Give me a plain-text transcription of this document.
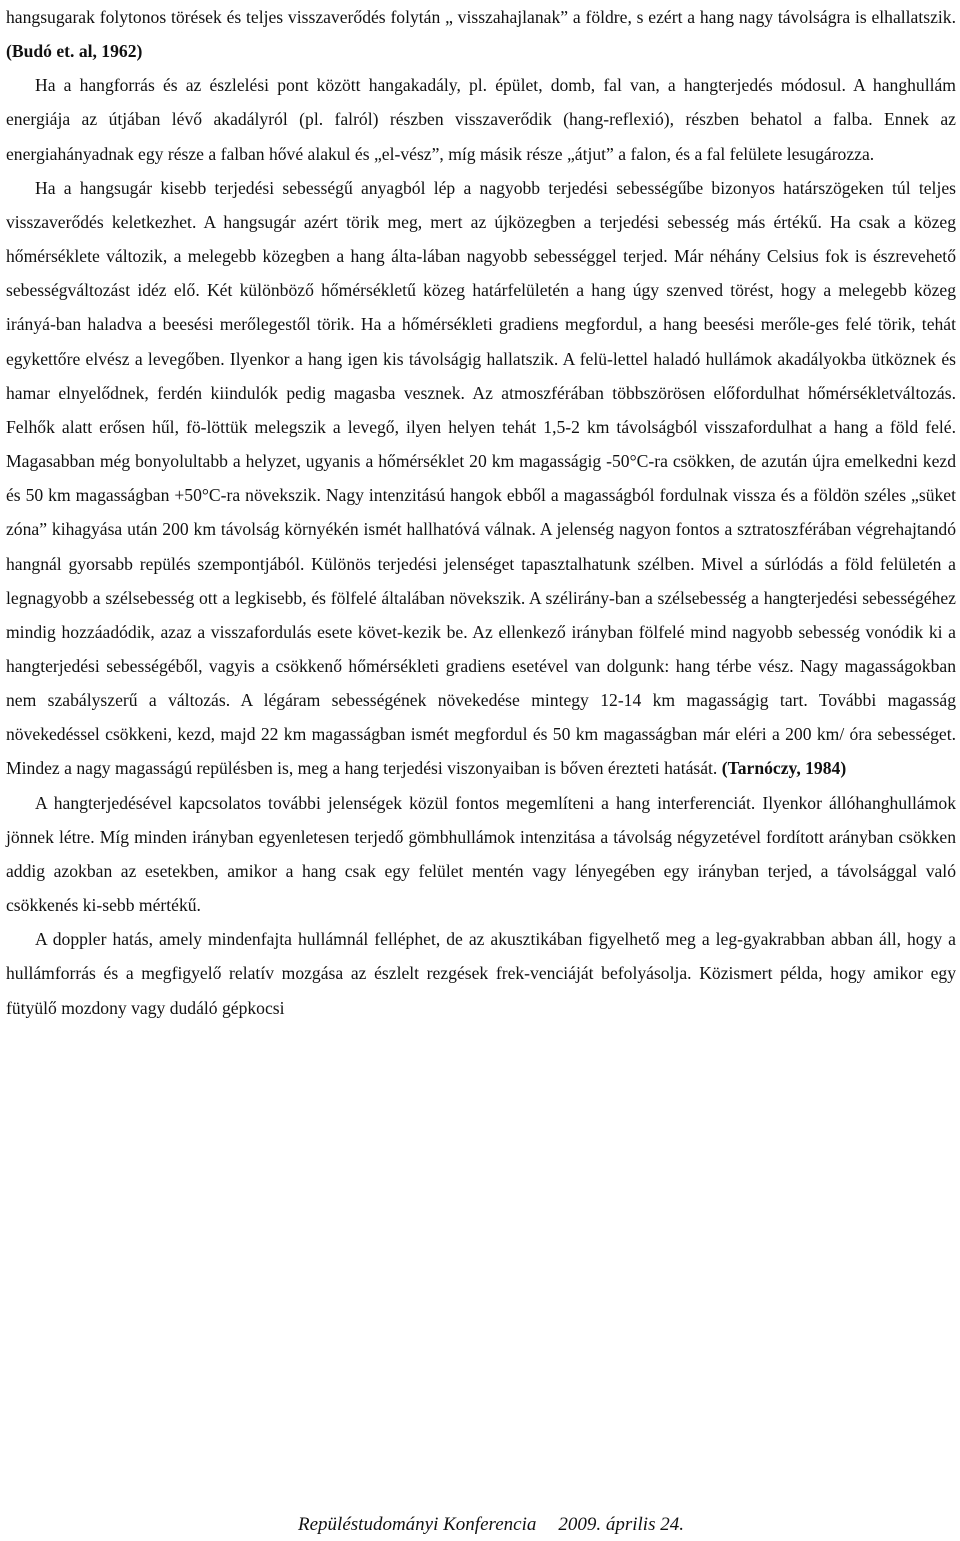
hangsugarak folytonos törések és teljes visszaverődés folytán „ visszahajlanak” a földre, s ezért a hang nagy távolságra is elhallatszik. (Budó et. al, 1962)

Ha a hangforrás és az észlelési pont között hangakadály, pl. épület, domb, fal van, a hangterjedés módosul. A hanghullám energiája az útjában lévő akadályról (pl. falról) részben visszaverődik (hang-reflexió), részben behatol a falba. Ennek az energiahányadnak egy része a falban hővé alakul és „el-vész”, míg másik része „átjut” a falon, és a fal felülete lesugározza.

Ha a hangsugár kisebb terjedési sebességű anyagból lép a nagyobb terjedési sebességűbe bizonyos határszögeken túl teljes visszaverődés keletkezhet. A hangsugár azért törik meg, mert az újközegben a terjedési sebesség más értékű. Ha csak a közeg hőmérséklete változik, a melegebb közegben a hang álta-lában nagyobb sebességgel terjed. Már néhány Celsius fok is észrevehető sebességváltozást idéz elő. Két különböző hőmérsékletű közeg határfelületén a hang úgy szenved törést, hogy a melegebb közeg irányá-ban haladva a beesési merőlegestől törik. Ha a hőmérsékleti gradiens megfordul, a hang beesési merőle-ges felé törik, tehát egykettőre elvész a levegőben. Ilyenkor a hang igen kis távolságig hallatszik. A felü-lettel haladó hullámok akadályokba ütköznek és hamar elnyelődnek, ferdén kiindulók pedig magasba vesznek. Az atmoszférában többszörösen előfordulhat hőmérsékletváltozás. Felhők alatt erősen hűl, fö-löttük melegszik a levegő, ilyen helyen tehát 1,5-2 km távolságból visszafordulhat a hang a föld felé. Magasabban még bonyolultabb a helyzet, ugyanis a hőmérséklet 20 km magasságig -50°C-ra csökken, de azután újra emelkedni kezd és 50 km magasságban +50°C-ra növekszik. Nagy intenzitású hangok ebből a magasságból fordulnak vissza és a földön széles „süket zóna” kihagyása után 200 km távolság környékén ismét hallhatóvá válnak. A jelenség nagyon fontos a sztratoszférában végrehajtandó hangnál gyorsabb repülés szempontjából. Különös terjedési jelenséget tapasztalhatunk szélben. Mivel a súrlódás a föld felületén a legnagyobb a szélsebesség ott a legkisebb, és fölfelé általában növekszik. A szélirány-ban a szélsebesség a hangterjedési sebességéhez mindig hozzáadódik, azaz a visszafordulás esete követ-kezik be. Az ellenkező irányban fölfelé mind nagyobb sebesség vonódik ki a hangterjedési sebességéből, vagyis a csökkenő hőmérsékleti gradiens esetével van dolgunk: hang térbe vész. Nagy magasságokban nem szabályszerű a változás. A légáram sebességének növekedése mintegy 12-14 km magasságig tart. További magasság növekedéssel csökkeni, kezd, majd 22 km magasságban ismét megfordul és 50 km magasságban már eléri a 200 km/ óra sebességet. Mindez a nagy magasságú repülésben is, meg a hang terjedési viszonyaiban is bőven érezteti hatását. (Tarnóczy, 1984)

A hangterjedésével kapcsolatos további jelenségek közül fontos megemlíteni a hang interferenciát. Ilyenkor állóhanghullámok jönnek létre. Míg minden irányban egyenletesen terjedő gömbhullámok intenzitása a távolság négyzetével fordított arányban csökken addig azokban az esetekben, amikor a hang csak egy felület mentén vagy lényegében egy irányban terjed, a távolsággal való csökkenés ki-sebb mértékű.

A doppler hatás, amely mindenfajta hullámnál felléphet, de az akusztikában figyelhető meg a leg-gyakrabban abban áll, hogy a hullámforrás és a megfigyelő relatív mozgása az észlelt rezgések frek-venciáját befolyásolja. Közismert példa, hogy amikor egy fütyülő mozdony vagy dudáló gépkocsi

Repüléstudományi Konferencia 2009. április 24.
